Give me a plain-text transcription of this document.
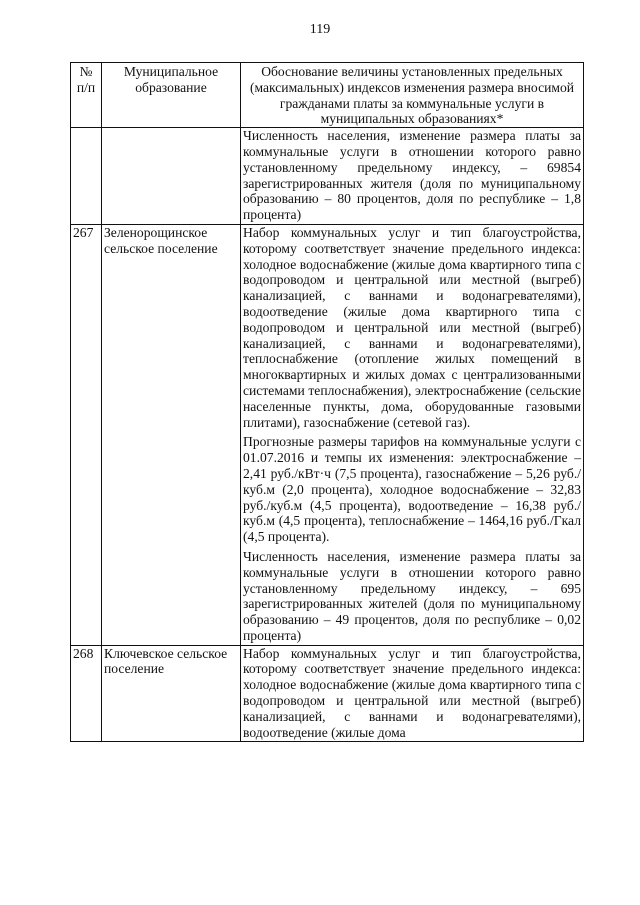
119
№ п/п	Муниципальное образование	Обоснование величины установленных предельных (максимальных) индексов изменения размера вносимой гражданами платы за коммунальные услуги в муниципальных образованиях*

		Численность населения, изменение размера платы за коммунальные услуги в отношении которого равно установленному предельному индексу, – 69854 зарегистрированных жителя (доля по муниципальному образованию – 80 процентов, доля по республике – 1,8 процента)

267	Зеленорощинское сельское поселение	Набор коммунальных услуг и тип благоустройства, которому соответствует значение предельного индекса: холодное водоснабжение (жилые дома квартирного типа с водопроводом и центральной или местной (выгреб) канализацией, с ваннами и водонагревателями), водоотведение (жилые дома квартирного типа с водопроводом и центральной или местной (выгреб) канализацией, с ваннами и водонагревателями), теплоснабжение (отопление жилых помещений в многоквартирных и жилых домах с централизованными системами теплоснабжения), электроснабжение (сельские населенные пункты, дома, оборудованные газовыми плитами), газоснабжение (сетевой газ).

Прогнозные размеры тарифов на коммунальные услуги с 01.07.2016 и темпы их изменения: электроснабжение – 2,41 руб./кВт·ч (7,5 процента), газоснабжение – 5,26 руб./куб.м (2,0 процента), холодное водоснабжение – 32,83 руб./куб.м (4,5 процента), водоотведение – 16,38 руб./куб.м (4,5 процента), теплоснабжение – 1464,16 руб./Гкал (4,5 процента).

Численность населения, изменение размера платы за коммунальные услуги в отношении которого равно установленному предельному индексу, – 695 зарегистрированных жителей (доля по муниципальному образованию – 49 процентов, доля по республике – 0,02 процента)

268	Ключевское сельское поселение	Набор коммунальных услуг и тип благоустройства, которому соответствует значение предельного индекса: холодное водоснабжение (жилые дома квартирного типа с водопроводом и центральной или местной (выгреб) канализацией, с ваннами и водонагревателями), водоотведение (жилые дома
